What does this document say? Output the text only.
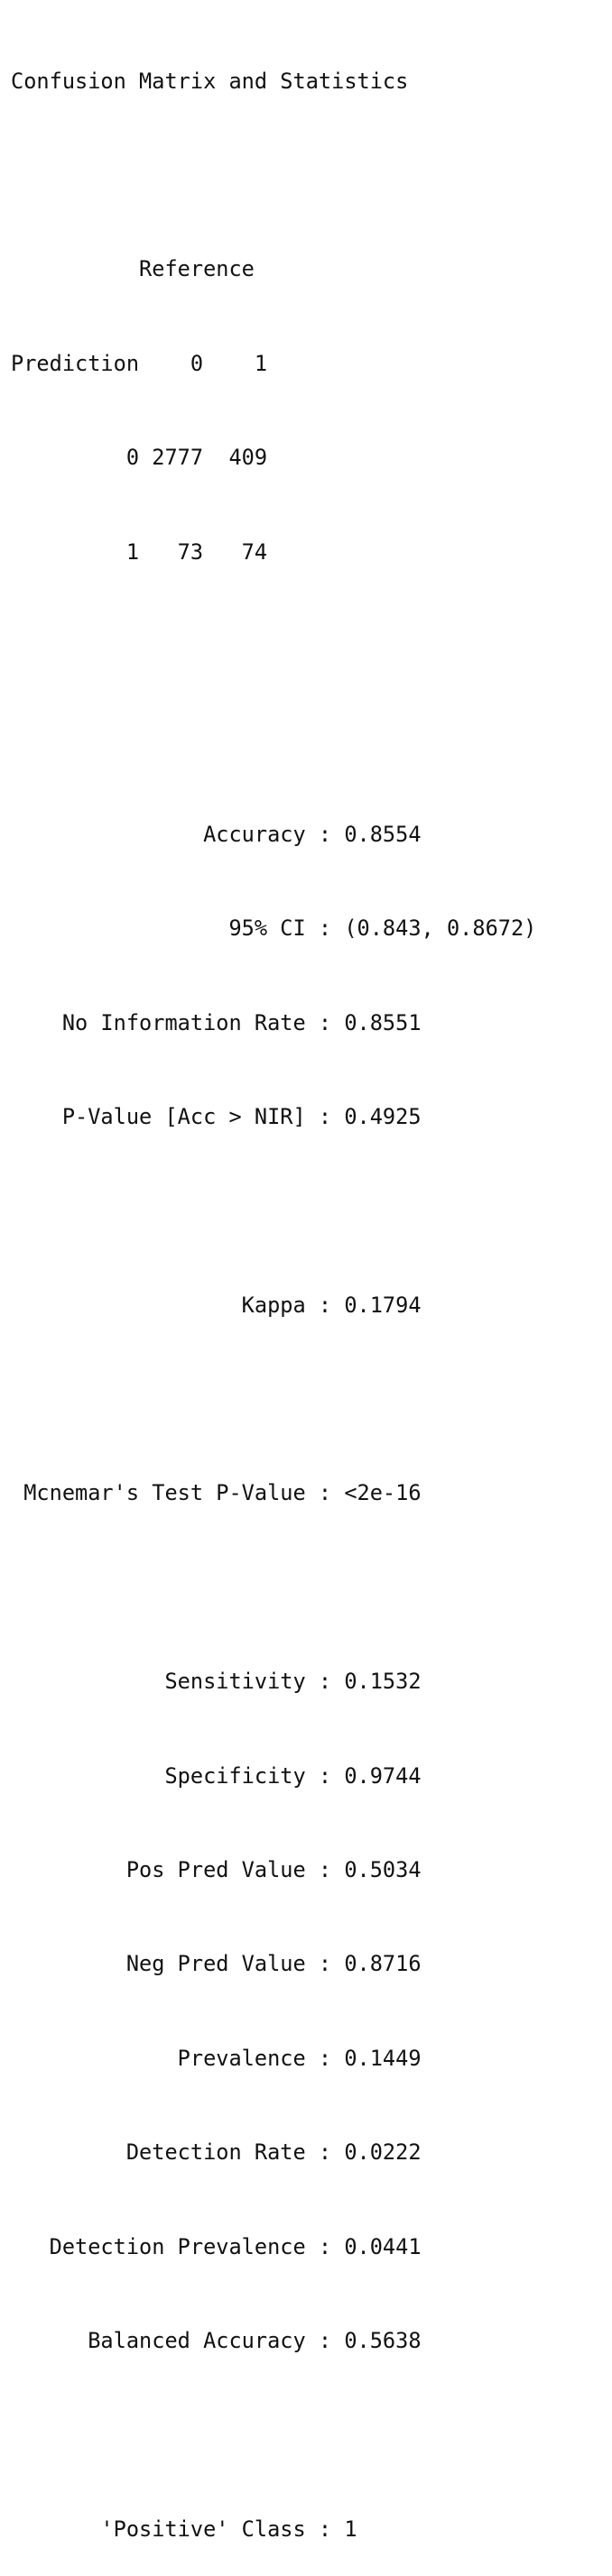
Confusion Matrix and Statistics

Reference

Prediction    0    1

0 2777  409

1   73   74

Accuracy : 0.8554

95% CI : (0.843, 0.8672)

No Information Rate : 0.8551

P-Value [Acc > NIR] : 0.4925

Kappa : 0.1794

Mcnemar's Test P-Value : <2e-16

Sensitivity : 0.1532

Specificity : 0.9744

Pos Pred Value : 0.5034

Neg Pred Value : 0.8716

Prevalence : 0.1449

Detection Rate : 0.0222

Detection Prevalence : 0.0441

Balanced Accuracy : 0.5638

'Positive' Class : 1
